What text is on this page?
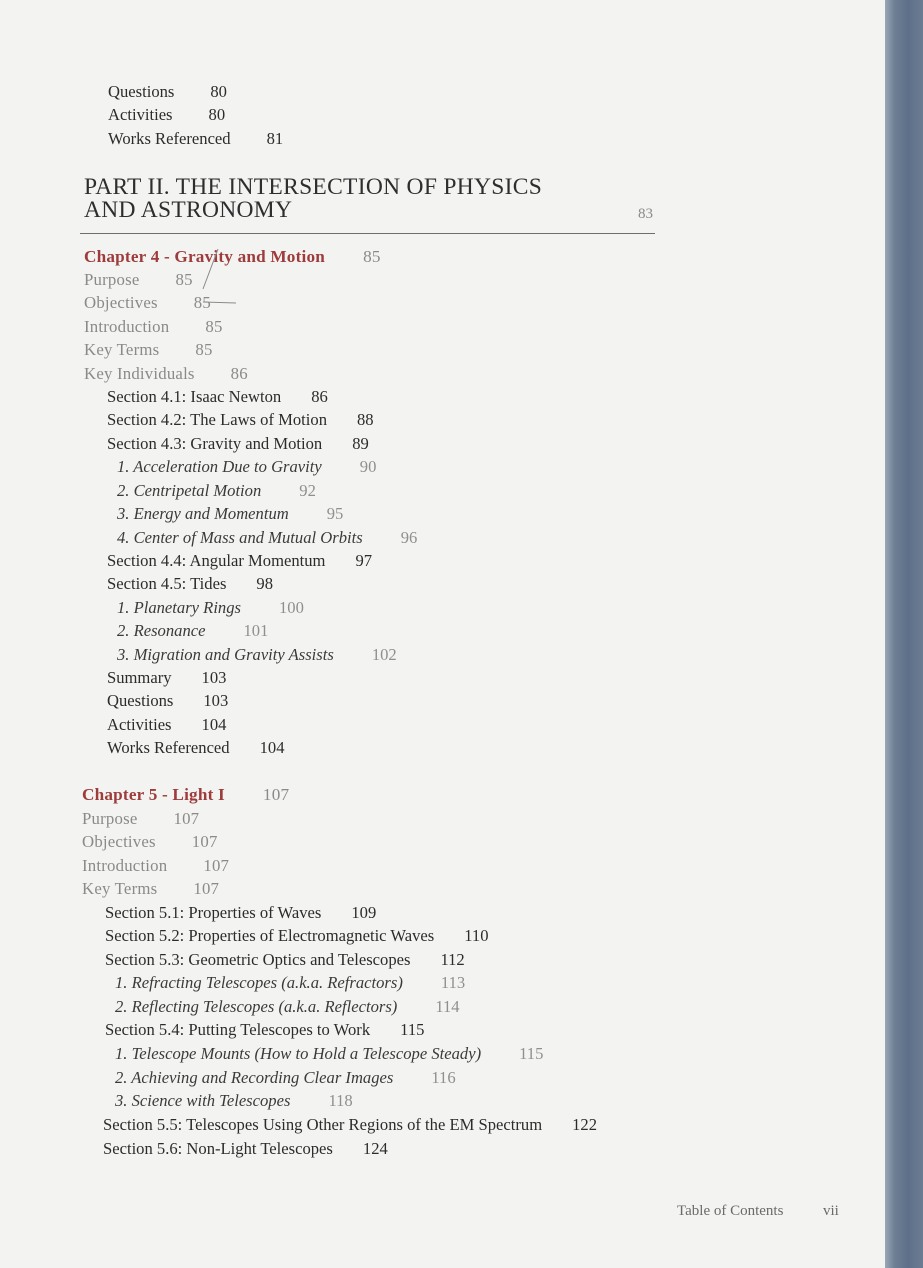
Questions 80
Activities 80
Works Referenced 81
PART II. THE INTERSECTION OF PHYSICS
AND ASTRONOMY	83
Chapter 4 - Gravity and Motion 85
Purpose 85
Objectives 85
Introduction 85
Key Terms 85
Key Individuals 86
Section 4.1: Isaac Newton 86
Section 4.2: The Laws of Motion 88
Section 4.3: Gravity and Motion 89
1. Acceleration Due to Gravity 90
2. Centripetal Motion 92
3. Energy and Momentum 95
4. Center of Mass and Mutual Orbits 96
Section 4.4: Angular Momentum 97
Section 4.5: Tides 98
1. Planetary Rings 100
2. Resonance 101
3. Migration and Gravity Assists 102
Summary 103
Questions 103
Activities 104
Works Referenced 104
Chapter 5 - Light I 107
Purpose 107
Objectives 107
Introduction 107
Key Terms 107
Section 5.1: Properties of Waves 109
Section 5.2: Properties of Electromagnetic Waves 110
Section 5.3: Geometric Optics and Telescopes 112
1. Refracting Telescopes (a.k.a. Refractors) 113
2. Reflecting Telescopes (a.k.a. Reflectors) 114
Section 5.4: Putting Telescopes to Work 115
1. Telescope Mounts (How to Hold a Telescope Steady) 115
2. Achieving and Recording Clear Images 116
3. Science with Telescopes 118
Section 5.5: Telescopes Using Other Regions of the EM Spectrum 122
Section 5.6: Non-Light Telescopes 124
Table of Contents	vii
